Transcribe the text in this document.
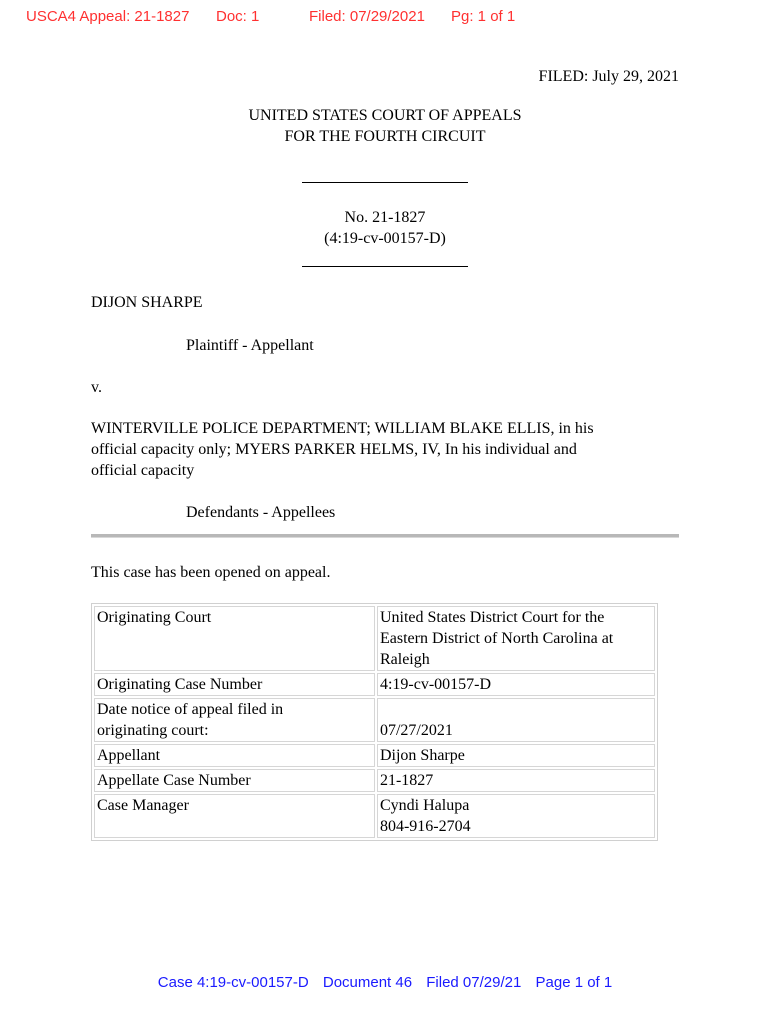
USCA4 Appeal: 21-1827 Doc: 1	Filed: 07/29/2021 Pg: 1 of 1
FILED: July 29, 2021
UNITED STATES COURT OF APPEALS
FOR THE FOURTH CIRCUIT
No. 21-1827
(4:19-cv-00157-D)
DIJON SHARPE
Plaintiff - Appellant
v.
WINTERVILLE POLICE DEPARTMENT; WILLIAM BLAKE ELLIS, in his
official capacity only; MYERS PARKER HELMS, IV, In his individual and
official capacity
Defendants - Appellees
This case has been opened on appeal.
Originating Court	United States District Court for the
Eastern District of North Carolina at
Raleigh

Originating Case Number	4:19-cv-00157-D

Date notice of appeal filed in
originating court:	07/27/2021
Appellant	Dijon Sharpe
Appellate Case Number	21-1827
Case Manager	Cyndi Halupa
804-916-2704
Case 4:19-cv-00157-D Document 46 Filed 07/29/21 Page 1 of 1
